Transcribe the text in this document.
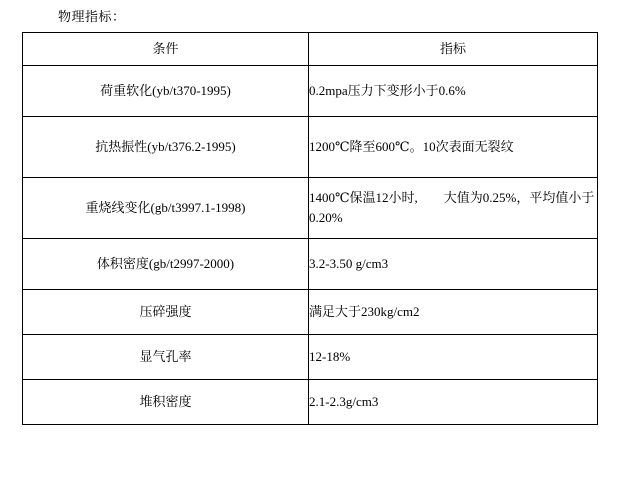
物理指标：

条件	指标
荷重软化(yb/t370-1995)	0.2mpa压力下变形小于0.6%
抗热振性(yb/t376.2-1995)	1200℃降至600℃。10次表面无裂纹
重烧线变化(gb/t3997.1-1998)	1400℃保温12小时,　　大值为0.25%，平均值小于0.20%
体积密度(gb/t2997-2000)	3.2-3.50 g/cm3
压碎强度	满足大于230kg/cm2
显气孔率	12-18%
堆积密度	2.1-2.3g/cm3
